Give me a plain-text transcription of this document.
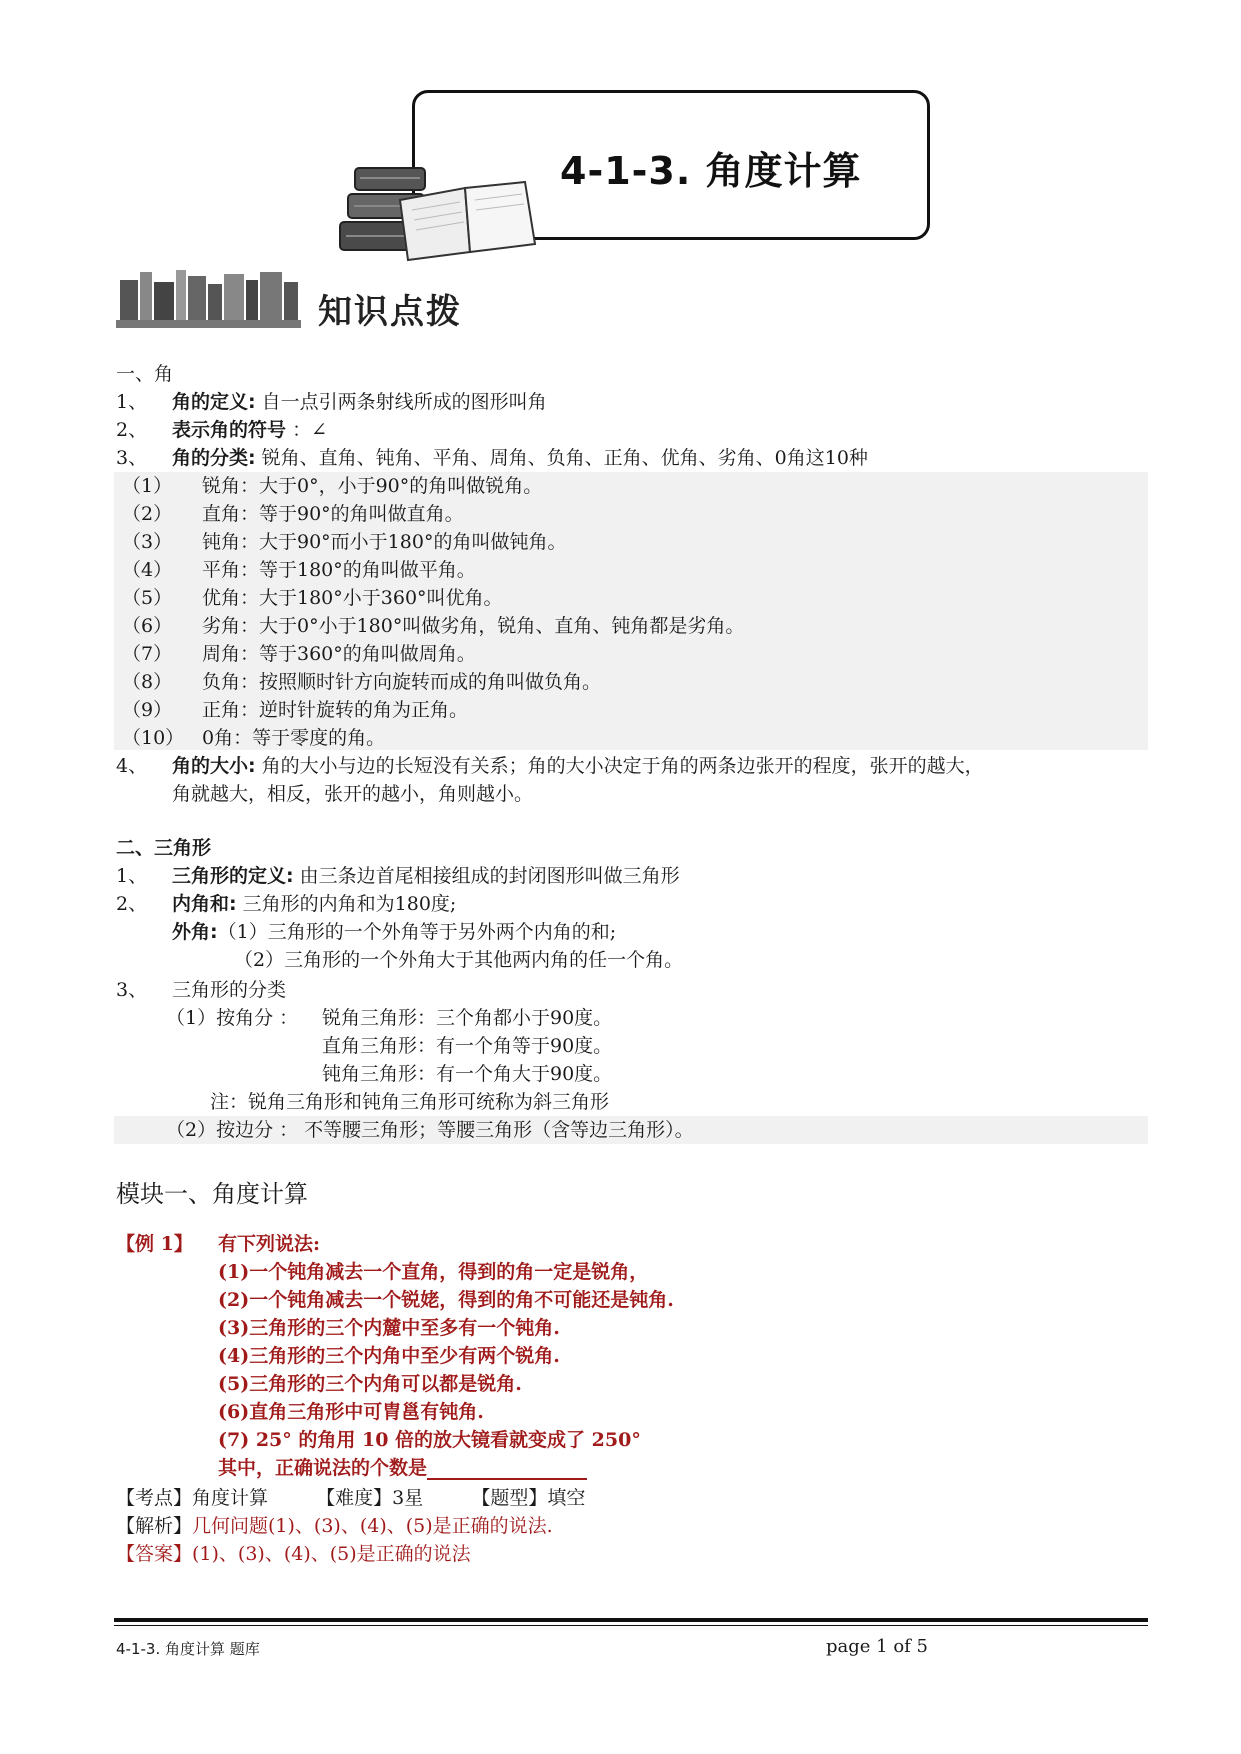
4-1-3. 角度计算
知识点拨
一、角
1、 角的定义: 自一点引两条射线所成的图形叫角
2、 表示角的符号 ：∠
3、 角的分类: 锐角、直角、钝角、平角、周角、负角、正角、优角、劣角、0角这10种
（1） 锐角：大于0°，小于90°的角叫做锐角。
（2） 直角：等于90°的角叫做直角。
（3） 钝角：大于90°而小于180°的角叫做钝角。
（4） 平角：等于180°的角叫做平角。
（5） 优角：大于180°小于360°叫优角。
（6） 劣角：大于0°小于180°叫做劣角，锐角、直角、钝角都是劣角。
（7） 周角：等于360°的角叫做周角。
（8） 负角：按照顺时针方向旋转而成的角叫做负角。
（9） 正角：逆时针旋转的角为正角。
（10） 0角：等于零度的角。
4、 角的大小: 角的大小与边的长短没有关系；角的大小决定于角的两条边张开的程度，张开的越大，
角就越大，相反，张开的越小，角则越小。
二、三角形
1、 三角形的定义: 由三条边首尾相接组成的封闭图形叫做三角形
2、 内角和: 三角形的内角和为180度;
外角:（1）三角形的一个外角等于另外两个内角的和;
（2）三角形的一个外角大于其他两内角的任一个角。
3、 三角形的分类
（1）按角分 ： 锐角三角形：三个角都小于90度。
直角三角形：有一个角等于90度。
钝角三角形：有一个角大于90度。
注：锐角三角形和钝角三角形可统称为斜三角形
（2）按边分 ： 不等腰三角形；等腰三角形（含等边三角形）。
模块一、角度计算
【例 1】 有下列说法:
(1)一个钝角减去一个直角，得到的角一定是锐角，
(2)一个钝角减去一个锐姥，得到的角不可能还是钝角.
(3)三角形的三个内麓中至多有一个钝角.
(4)三角形的三个内角中至少有两个锐角.
(5)三角形的三个内角可以都是锐角.
(6)直角三角形中可胄邕有钝角.
(7) 25° 的角用 10 倍的放大镜看就变成了 250°
其中，正确说法的个数是
【考点】角度计算	【难度】3星	【题型】填空
【解析】几何问题(1)、(3)、(4)、(5)是正确的说法.
【答案】(1)、(3)、(4)、(5)是正确的说法
4-1-3. 角度计算 题库	page 1 of 5
